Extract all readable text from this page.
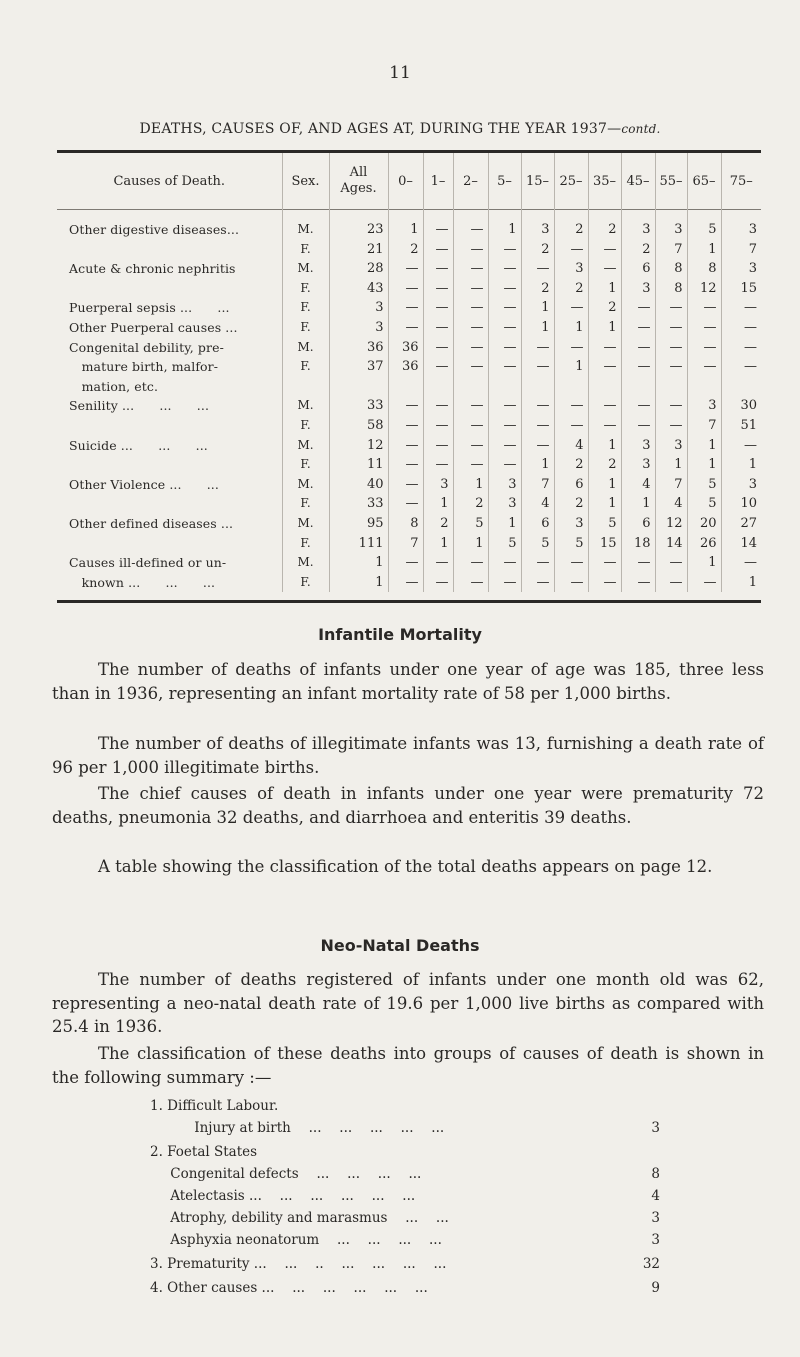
11
DEATHS, CAUSES OF, AND AGES AT, DURING THE YEAR 1937—contd.
Causes of Death.	Sex.	All Ages.	0–	1–	2–	5–	15–	25–	35–	45–	55–	65–	75–

Other digestive diseases...	M.	23	1	—	—	1	3	2	2	3	3	5	3
	F.	21	2	—	—	—	2	—	—	2	7	1	7
Acute & chronic nephritis	M.	28	—	—	—	—	—	3	—	6	8	8	3
	F.	43	—	—	—	—	2	2	1	3	8	12	15
Puerperal sepsis ...  ...	F.	3	—	—	—	—	1	—	2	—	—	—	—
Other Puerperal causes ...	F.	3	—	—	—	—	1	1	1	—	—	—	—
Congenital debility, pre-	M.	36	36	—	—	—	—	—	—	—	—	—	—
 mature birth, malfor-	F.	37	36	—	—	—	—	1	—	—	—	—	—
 mation, etc.													
Senility ...  ...  ...	M.	33	—	—	—	—	—	—	—	—	—	3	30
	F.	58	—	—	—	—	—	—	—	—	—	7	51
Suicide ...  ...  ...	M.	12	—	—	—	—	—	4	1	3	3	1	—
	F.	11	—	—	—	—	1	2	2	3	1	1	1
Other Violence ...  ...	M.	40	—	3	1	3	7	6	1	4	7	5	3
	F.	33	—	1	2	3	4	2	1	1	4	5	10
Other defined diseases ...	M.	95	8	2	5	1	6	3	5	6	12	20	27
	F.	111	7	1	1	5	5	5	15	18	14	26	14
Causes ill-defined or un-	M.	1	—	—	—	—	—	—	—	—	—	1	—
 known ...  ...  ...	F.	1	—	—	—	—	—	—	—	—	—	—	1
Infantile Mortality
The number of deaths of infants under one year of age was 185, three less than in 1936, representing an infant mortality rate of 58 per 1,000 births.
The number of deaths of illegitimate infants was 13, furnishing a death rate of 96 per 1,000 illegitimate births.
The chief causes of death in infants under one year were prematurity 72 deaths, pneumonia 32 deaths, and diarrhoea and enteritis 39 deaths.
A table showing the classification of the total deaths appears on page 12.
Neo-Natal Deaths
The number of deaths registered of infants under one month old was 62, representing a neo-natal death rate of 19.6 per 1,000 live births as compared with 25.4 in 1936.
The classification of these deaths into groups of causes of death is shown in the following summary :—
1. Difficult Labour.
  Injury at birth  ...  ...  ...  ...  ...	3
2. Foetal States
  Congenital defects  ...  ...  ...  ...	8
  Atelectasis ...  ...  ...  ...  ...  ...	4
  Atrophy, debility and marasmus  ...  ...	3
  Asphyxia neonatorum  ...  ...  ...  ...	3
3. Prematurity ...  ...  ..  ...  ...  ...  ...	32
4. Other causes ...  ...  ...  ...  ...  ...	9
